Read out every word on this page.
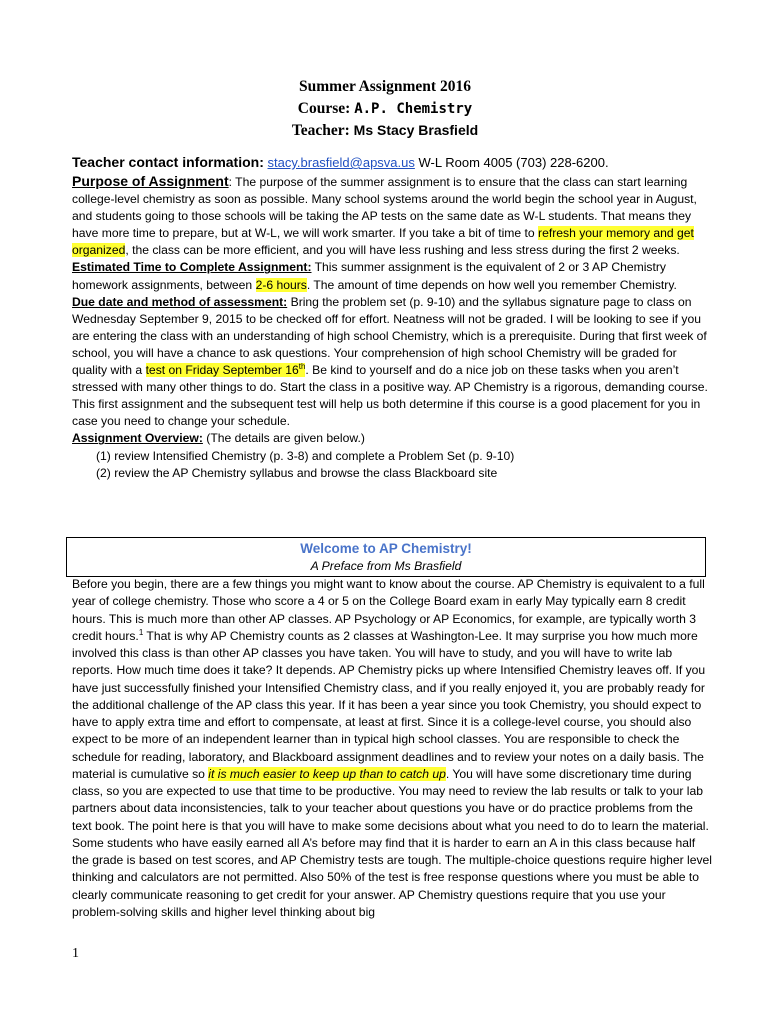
Summer Assignment 2016
Course: A.P. Chemistry
Teacher: Ms Stacy Brasfield

Teacher contact information: stacy.brasfield@apsva.us W-L Room 4005 (703) 228-6200.

Purpose of Assignment: The purpose of the summer assignment is to ensure that the class can start learning college-level chemistry as soon as possible. Many school systems around the world begin the school year in August, and students going to those schools will be taking the AP tests on the same date as W-L students. That means they have more time to prepare, but at W-L, we will work smarter. If you take a bit of time to refresh your memory and get organized, the class can be more efficient, and you will have less rushing and less stress during the first 2 weeks.

Estimated Time to Complete Assignment: This summer assignment is the equivalent of 2 or 3 AP Chemistry homework assignments, between 2-6 hours. The amount of time depends on how well you remember Chemistry.

Due date and method of assessment: Bring the problem set (p. 9-10) and the syllabus signature page to class on Wednesday September 9, 2015 to be checked off for effort. Neatness will not be graded. I will be looking to see if you are entering the class with an understanding of high school Chemistry, which is a prerequisite. During that first week of school, you will have a chance to ask questions. Your comprehension of high school Chemistry will be graded for quality with a test on Friday September 16th. Be kind to yourself and do a nice job on these tasks when you aren’t stressed with many other things to do. Start the class in a positive way. AP Chemistry is a rigorous, demanding course. This first assignment and the subsequent test will help us both determine if this course is a good placement for you in case you need to change your schedule.

Assignment Overview: (The details are given below.)

(1) review Intensified Chemistry (p. 3-8) and complete a Problem Set (p. 9-10)
(2) review the AP Chemistry syllabus and browse the class Blackboard site
Welcome to AP Chemistry!
A Preface from Ms Brasfield

Before you begin, there are a few things you might want to know about the course. AP Chemistry is equivalent to a full year of college chemistry. Those who score a 4 or 5 on the College Board exam in early May typically earn 8 credit hours. This is much more than other AP classes. AP Psychology or AP Economics, for example, are typically worth 3 credit hours.$^1$ That is why AP Chemistry counts as 2 classes at Washington-Lee. It may surprise you how much more involved this class is than other AP classes you have taken. You will have to study, and you will have to write lab reports. How much time does it take? It depends. AP Chemistry picks up where Intensified Chemistry leaves off. If you have just successfully finished your Intensified Chemistry class, and if you really enjoyed it, you are probably ready for the additional challenge of the AP class this year. If it has been a year since you took Chemistry, you should expect to have to apply extra time and effort to compensate, at least at first. Since it is a college-level course, you should also expect to be more of an independent learner than in typical high school classes. You are responsible to check the schedule for reading, laboratory, and Blackboard assignment deadlines and to review your notes on a daily basis. The material is cumulative so it is much easier to keep up than to catch up. You will have some discretionary time during class, so you are expected to use that time to be productive. You may need to review the lab results or talk to your lab partners about data inconsistencies, talk to your teacher about questions you have or do practice problems from the text book. The point here is that you will have to make some decisions about what you need to do to learn the material. Some students who have easily earned all A’s before may find that it is harder to earn an A in this class because half the grade is based on test scores, and AP Chemistry tests are tough. The multiple-choice questions require higher level thinking and calculators are not permitted. Also 50% of the test is free response questions where you must be able to clearly communicate reasoning to get credit for your answer. AP Chemistry questions require that you use your problem-solving skills and higher level thinking about big

1
